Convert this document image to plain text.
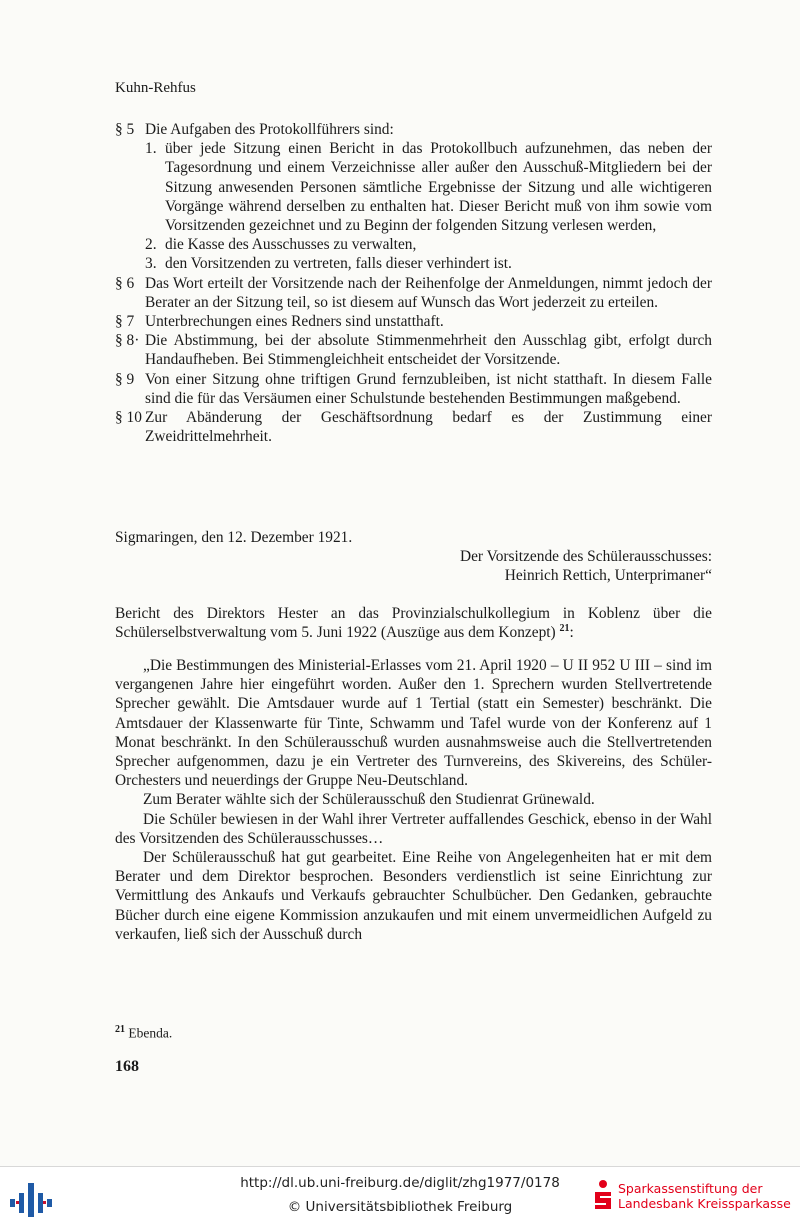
Kuhn-Rehfus
§ 5 Die Aufgaben des Protokollführers sind:
1. über jede Sitzung einen Bericht in das Protokollbuch aufzunehmen, das neben der Tagesordnung und einem Verzeichnisse aller außer den Ausschuß-Mitgliedern bei der Sitzung anwesenden Personen sämtliche Ergebnisse der Sitzung und alle wichtigeren Vorgänge während derselben zu enthalten hat. Dieser Bericht muß von ihm sowie vom Vorsitzenden gezeichnet und zu Beginn der folgenden Sitzung verlesen werden,
2. die Kasse des Ausschusses zu verwalten,
3. den Vorsitzenden zu vertreten, falls dieser verhindert ist.
§ 6 Das Wort erteilt der Vorsitzende nach der Reihenfolge der Anmeldungen, nimmt jedoch der Berater an der Sitzung teil, so ist diesem auf Wunsch das Wort jederzeit zu erteilen.
§ 7 Unterbrechungen eines Redners sind unstatthaft.
§ 8· Die Abstimmung, bei der absolute Stimmenmehrheit den Ausschlag gibt, erfolgt durch Handaufheben. Bei Stimmengleichheit entscheidet der Vorsitzende.
§ 9 Von einer Sitzung ohne triftigen Grund fernzubleiben, ist nicht statthaft. In diesem Falle sind die für das Versäumen einer Schulstunde bestehenden Bestimmungen maßgebend.
§ 10 Zur Abänderung der Geschäftsordnung bedarf es der Zustimmung einer Zweidrittelmehrheit.
Sigmaringen, den 12. Dezember 1921.
Der Vorsitzende des Schülerausschusses:
Heinrich Rettich, Unterprimaner“
Bericht des Direktors Hester an das Provinzialschulkollegium in Koblenz über die Schülerselbstverwaltung vom 5. Juni 1922 (Auszüge aus dem Konzept) $^{21}$:
„Die Bestimmungen des Ministerial-Erlasses vom 21. April 1920 – U II 952 U III – sind im vergangenen Jahre hier eingeführt worden. Außer den 1. Sprechern wurden Stellvertretende Sprecher gewählt. Die Amtsdauer wurde auf 1 Tertial (statt ein Semester) beschränkt. Die Amtsdauer der Klassenwarte für Tinte, Schwamm und Tafel wurde von der Konferenz auf 1 Monat beschränkt. In den Schülerausschuß wurden ausnahmsweise auch die Stellvertretenden Sprecher aufgenommen, dazu je ein Vertreter des Turnvereins, des Skivereins, des Schüler-Orchesters und neuerdings der Gruppe Neu-Deutschland.
Zum Berater wählte sich der Schülerausschuß den Studienrat Grünewald.
Die Schüler bewiesen in der Wahl ihrer Vertreter auffallendes Geschick, ebenso in der Wahl des Vorsitzenden des Schülerausschusses…
Der Schülerausschuß hat gut gearbeitet. Eine Reihe von Angelegenheiten hat er mit dem Berater und dem Direktor besprochen. Besonders verdienstlich ist seine Einrichtung zur Vermittlung des Ankaufs und Verkaufs gebrauchter Schulbücher. Den Gedanken, gebrauchte Bücher durch eine eigene Kommission anzukaufen und mit einem unvermeidlichen Aufgeld zu verkaufen, ließ sich der Ausschuß durch
$^{21}$ Ebenda.
168
http://dl.ub.uni-freiburg.de/diglit/zhg1977/0178
© Universitätsbibliothek Freiburg
Sparkassenstiftung der
Landesbank Kreissparkasse
